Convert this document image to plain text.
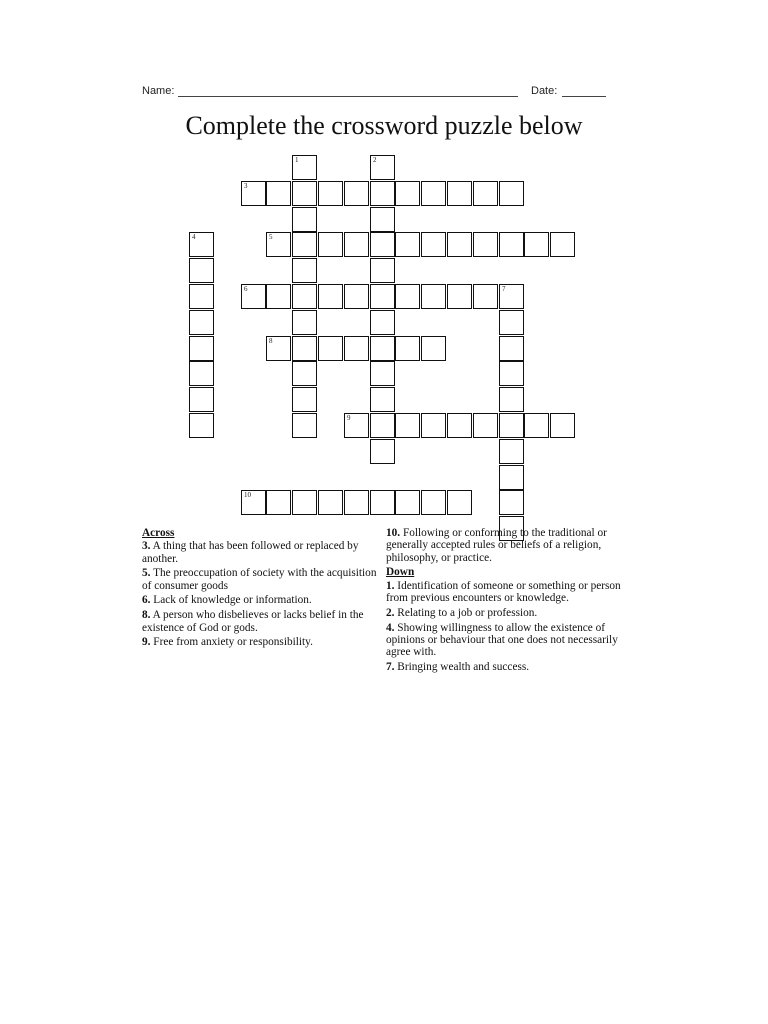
Name:	Date:
Complete the crossword puzzle below
1	2
3
4	5
6	7
8
9
10
Across
3. A thing that has been followed or replaced by another.
5. The preoccupation of society with the acquisition of consumer goods
6. Lack of knowledge or information.
8. A person who disbelieves or lacks belief in the existence of God or gods.
9. Free from anxiety or responsibility.
10. Following or conforming to the traditional or generally accepted rules or beliefs of a religion, philosophy, or practice.
Down
1. Identification of someone or something or person from previous encounters or knowledge.
2. Relating to a job or profession.
4. Showing willingness to allow the existence of opinions or behaviour that one does not necessarily agree with.
7. Bringing wealth and success.
